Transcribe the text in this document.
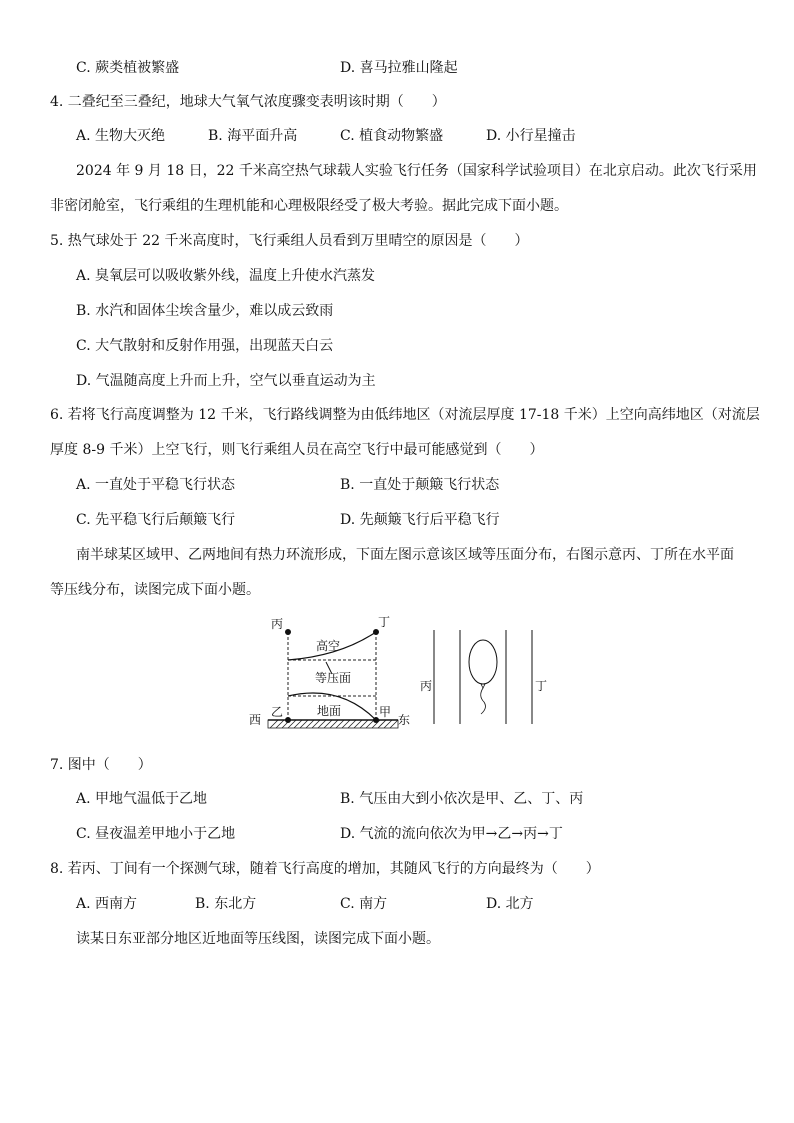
C. 蕨类植被繁盛	D. 喜马拉雅山隆起
4. 二叠纪至三叠纪，地球大气氧气浓度骤变表明该时期（　　）
A. 生物大灭绝	B. 海平面升高	C. 植食动物繁盛	D. 小行星撞击
2024 年 9 月 18 日，22 千米高空热气球载人实验飞行任务（国家科学试验项目）在北京启动。此次飞行采用
非密闭舱室，飞行乘组的生理机能和心理极限经受了极大考验。据此完成下面小题。
5. 热气球处于 22 千米高度时，飞行乘组人员看到万里晴空的原因是（　　）
A. 臭氧层可以吸收紫外线，温度上升使水汽蒸发
B. 水汽和固体尘埃含量少，难以成云致雨
C. 大气散射和反射作用强，出现蓝天白云
D. 气温随高度上升而上升，空气以垂直运动为主
6. 若将飞行高度调整为 12 千米，飞行路线调整为由低纬地区（对流层厚度 17-18 千米）上空向高纬地区（对流层
厚度 8-9 千米）上空飞行，则飞行乘组人员在高空飞行中最可能感觉到（　　）
A. 一直处于平稳飞行状态	B. 一直处于颠簸飞行状态
C. 先平稳飞行后颠簸飞行	D. 先颠簸飞行后平稳飞行
南半球某区域甲、乙两地间有热力环流形成，下面左图示意该区域等压面分布，右图示意丙、丁所在水平面
等压线分布，读图完成下面小题。
丙	丁
高空
等压面
地面
西
乙	甲
东
丙	丁
7. 图中（　　）
A. 甲地气温低于乙地	B. 气压由大到小依次是甲、乙、丁、丙
C. 昼夜温差甲地小于乙地	D. 气流的流向依次为甲→乙→丙→丁
8. 若丙、丁间有一个探测气球，随着飞行高度的增加，其随风飞行的方向最终为（　　）
A. 西南方	B. 东北方	C. 南方	D. 北方
读某日东亚部分地区近地面等压线图，读图完成下面小题。
